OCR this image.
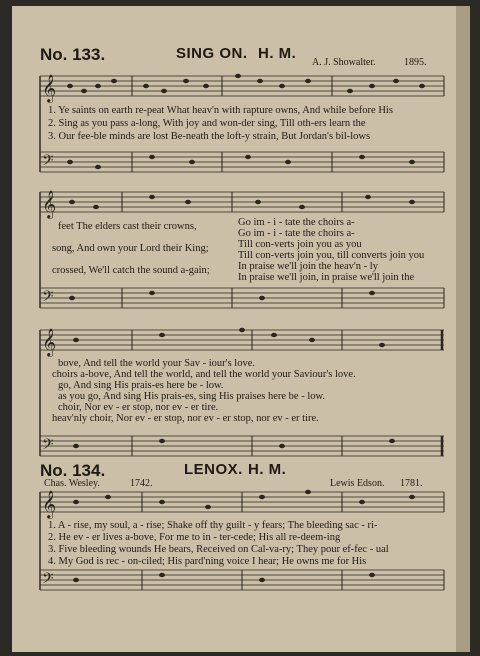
𝄞
𝄢
𝄞
𝄢
𝄞
𝄢
𝄞
𝄢
No. 133.	SING ON. H. M.
A. J. Showalter.	1895.
1. Ye saints on earth re-peat What heav'n with rapture owns, And while before His
2. Sing as you pass a-long, With joy and won-der sing, Till oth-ers learn the
3. Our fee-ble minds are lost Be-neath the loft-y strain, But Jordan's bil-lows
feet The elders cast their crowns,
song, And own your Lord their King;
crossed, We'll catch the sound a-gain;
Go im - i - tate the choirs a-
Go im - i - tate the choirs a-
Till con-verts join you as you
Till con-verts join you, till converts join you
In praise we'll join the heav'n - ly
In praise we'll join, in praise we'll join the
bove, And tell the world your Sav - iour's love.
choirs a-bove, And tell the world, and tell the world your Saviour's love.
go, And sing His prais-es here be - low.
as you go, And sing His prais-es, sing His praises here be - low.
choir, Nor ev - er stop, nor ev - er tire.
heav'nly choir, Nor ev - er stop, nor ev - er stop, nor ev - er tire.
No. 134.	LENOX. H. M.
Chas. Wesley.	1742.	Lewis Edson. 1781.
1. A - rise, my soul, a - rise; Shake off thy guilt - y fears; The bleeding sac - ri-
2. He ev - er lives a-bove, For me to in - ter-cede; His all re-deem-ing
3. Five bleeding wounds He bears, Received on Cal-va-ry; They pour ef-fec - ual
4. My God is rec - on-ciled; His pard'ning voice I hear; He owns me for His
